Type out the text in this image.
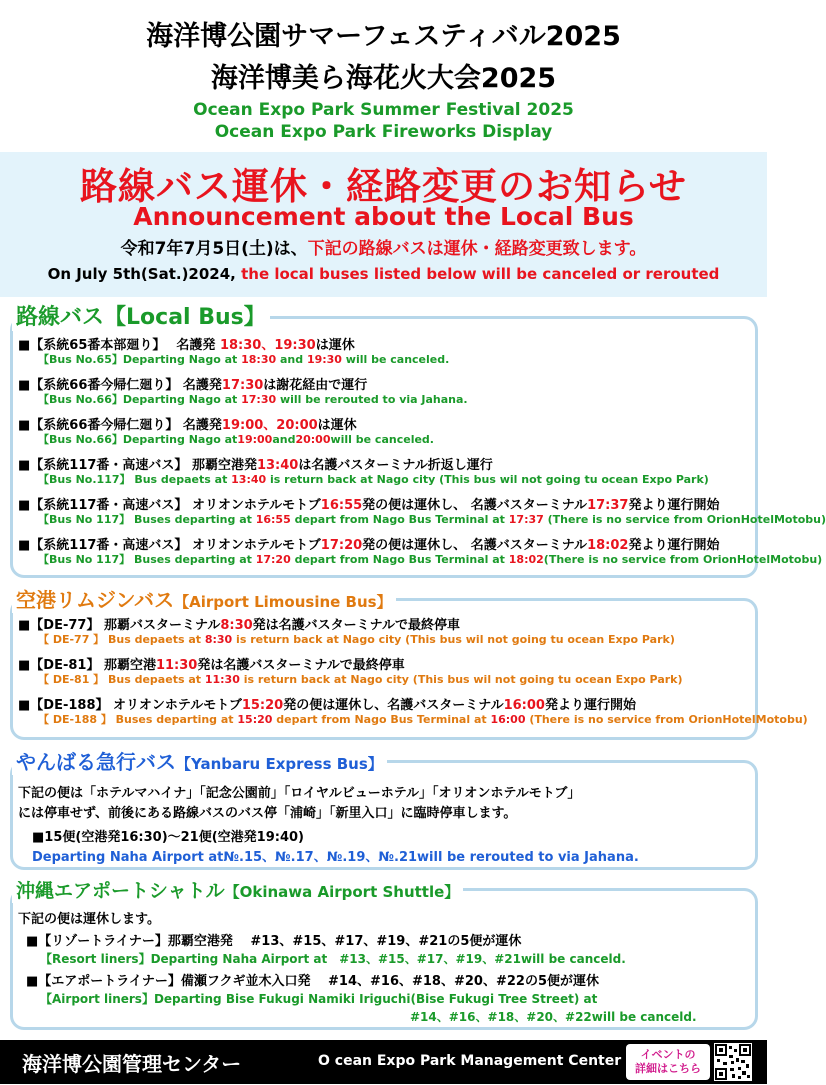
海洋博公園サマーフェスティバル2025
海洋博美ら海花火大会2025
Ocean Expo Park Summer Festival 2025
Ocean Expo Park Fireworks Display
路線バス運休・経路変更のお知らせ
Announcement about the Local Bus
令和7年7月5日(土)は、下記の路線バスは運休・経路変更致します。
On July 5th(Sat.)2024, the local buses listed below will be canceled or rerouted
路線バス【Local Bus】
■【系統65番本部廻り】　 名護発 18:30、19:30は運休
【Bus No.65】Departing Nago at 18:30 and 19:30 will be canceled.
■【系統66番今帰仁廻り】 名護発17:30は謝花経由で運行
【Bus No.66】Departing Nago at 17:30 will be rerouted to via Jahana.
■【系統66番今帰仁廻り】 名護発19:00、20:00は運休
【Bus No.66】Departing Nago at19:00and20:00will be canceled.
■【系統117番・高速バス】 那覇空港発13:40は名護バスターミナル折返し運行
【Bus No.117】 Bus depaets at 13:40 is return back at Nago city (This bus wil not going tu ocean Expo Park)
■【系統117番・高速バス】 オリオンホテルモトブ16:55発の便は運休し、 名護バスターミナル17:37発より運行開始
【Bus No 117】 Buses departing at 16:55 depart from Nago Bus Terminal at 17:37 (There is no service from OrionHotelMotobu)
■【系統117番・高速バス】 オリオンホテルモトブ17:20発の便は運休し、 名護バスターミナル18:02発より運行開始
【Bus No 117】 Buses departing at 17:20 depart from Nago Bus Terminal at 18:02(There is no service from OrionHotelMotobu)
空港リムジンバス【Airport Limousine Bus】
■【DE-77】 那覇バスターミナル8:30発は名護バスターミナルで最終停車
【 DE-77 】 Bus depaets at 8:30 is return back at Nago city (This bus wil not going tu ocean Expo Park)
■【DE-81】 那覇空港11:30発は名護バスターミナルで最終停車
【 DE-81 】 Bus depaets at 11:30 is return back at Nago city (This bus wil not going tu ocean Expo Park)
■【DE-188】 オリオンホテルモトブ15:20発の便は運休し、名護バスターミナル16:00発より運行開始
【 DE-188 】 Buses departing at 15:20 depart from Nago Bus Terminal at 16:00 (There is no service from OrionHotelMotobu)
やんばる急行バス【Yanbaru Express Bus】
下記の便は「ホテルマハイナ」「記念公園前」「ロイヤルビューホテル」「オリオンホテルモトブ」
には停車せず、前後にある路線バスのバス停「浦崎」「新里入口」に臨時停車します。
■15便(空港発16:30)～21便(空港発19:40)
Departing Naha Airport at№.15、№.17、№.19、№.21will be rerouted to via Jahana.
沖縄エアポートシャトル【Okinawa Airport Shuttle】
下記の便は運休します。
■【リゾートライナー】那覇空港発　 #13、#15、#17、#19、#21の5便が運休
【Resort liners】Departing Naha Airport at　#13、#15、#17、#19、#21will be canceld.
■【エアポートライナー】備瀬フクギ並木入口発　 #14、#16、#18、#20、#22の5便が運休
【Airport liners】Departing Bise Fukugi Namiki Iriguchi(Bise Fukugi Tree Street) at
#14、#16、#18、#20、#22will be canceld.
海洋博公園管理センター	O cean Expo Park Management Center	イベントの
詳細はこちら
